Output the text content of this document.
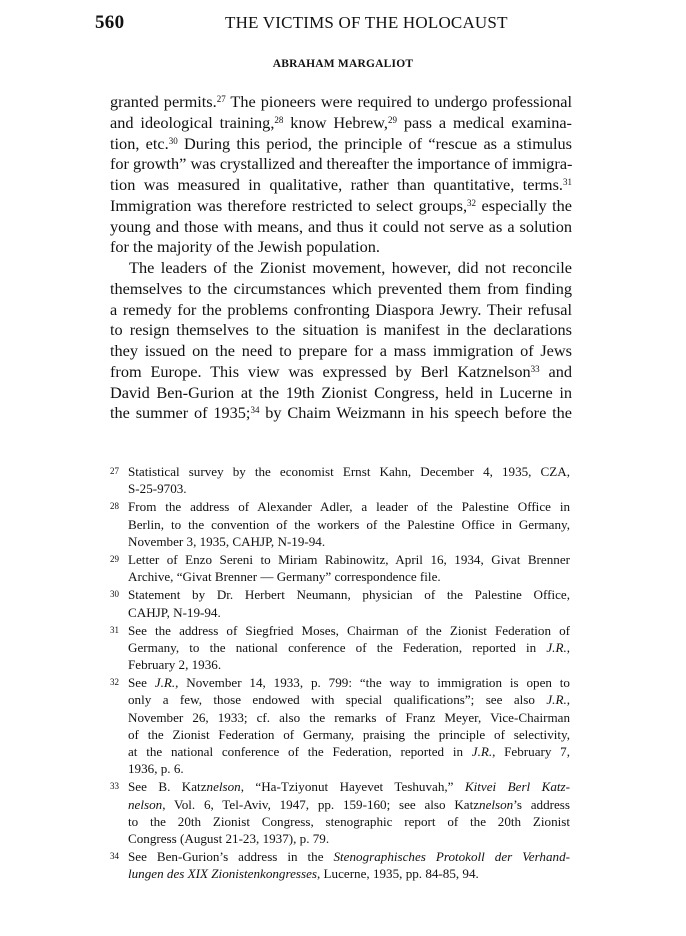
560	THE VICTIMS OF THE HOLOCAUST
ABRAHAM MARGALIOT
granted permits.$^{27}$ The pioneers were required to undergo professional
and ideological training,$^{28}$ know Hebrew,$^{29}$ pass a medical examina-
tion, etc.$^{30}$ During this period, the principle of “rescue as a stimulus
for growth” was crystallized and thereafter the importance of immigra-
tion was measured in qualitative, rather than quantitative, terms.$^{31}$
Immigration was therefore restricted to select groups,$^{32}$ especially the
young and those with means, and thus it could not serve as a solution
for the majority of the Jewish population.
The leaders of the Zionist movement, however, did not reconcile
themselves to the circumstances which prevented them from finding
a remedy for the problems confronting Diaspora Jewry. Their refusal
to resign themselves to the situation is manifest in the declarations
they issued on the need to prepare for a mass immigration of Jews
from Europe. This view was expressed by Berl Katznelson$^{33}$ and
David Ben-Gurion at the 19th Zionist Congress, held in Lucerne in
the summer of 1935;$^{34}$ by Chaim Weizmann in his speech before the
27 Statistical survey by the economist Ernst Kahn, December 4, 1935, CZA,
S-25-9703.
28 From the address of Alexander Adler, a leader of the Palestine Office in
Berlin, to the convention of the workers of the Palestine Office in Germany,
November 3, 1935, CAHJP, N-19-94.
29 Letter of Enzo Sereni to Miriam Rabinowitz, April 16, 1934, Givat Brenner
Archive, “Givat Brenner — Germany” correspondence file.
30 Statement by Dr. Herbert Neumann, physician of the Palestine Office,
CAHJP, N-19-94.
31 See the address of Siegfried Moses, Chairman of the Zionist Federation of
Germany, to the national conference of the Federation, reported in J.R.,
February 2, 1936.
32 See J.R., November 14, 1933, p. 799: “the way to immigration is open to
only a few, those endowed with special qualifications”; see also J.R.,
November 26, 1933; cf. also the remarks of Franz Meyer, Vice-Chairman
of the Zionist Federation of Germany, praising the principle of selectivity,
at the national conference of the Federation, reported in J.R., February 7,
1936, p. 6.
33 See B. Katznelson, “Ha-Tziyonut Hayevet Teshuvah,” Kitvei Berl Katz-
nelson, Vol. 6, Tel-Aviv, 1947, pp. 159-160; see also Katznelson’s address
to the 20th Zionist Congress, stenographic report of the 20th Zionist
Congress (August 21-23, 1937), p. 79.
34 See Ben-Gurion’s address in the Stenographisches Protokoll der Verhand-
lungen des XIX Zionistenkongresses, Lucerne, 1935, pp. 84-85, 94.
